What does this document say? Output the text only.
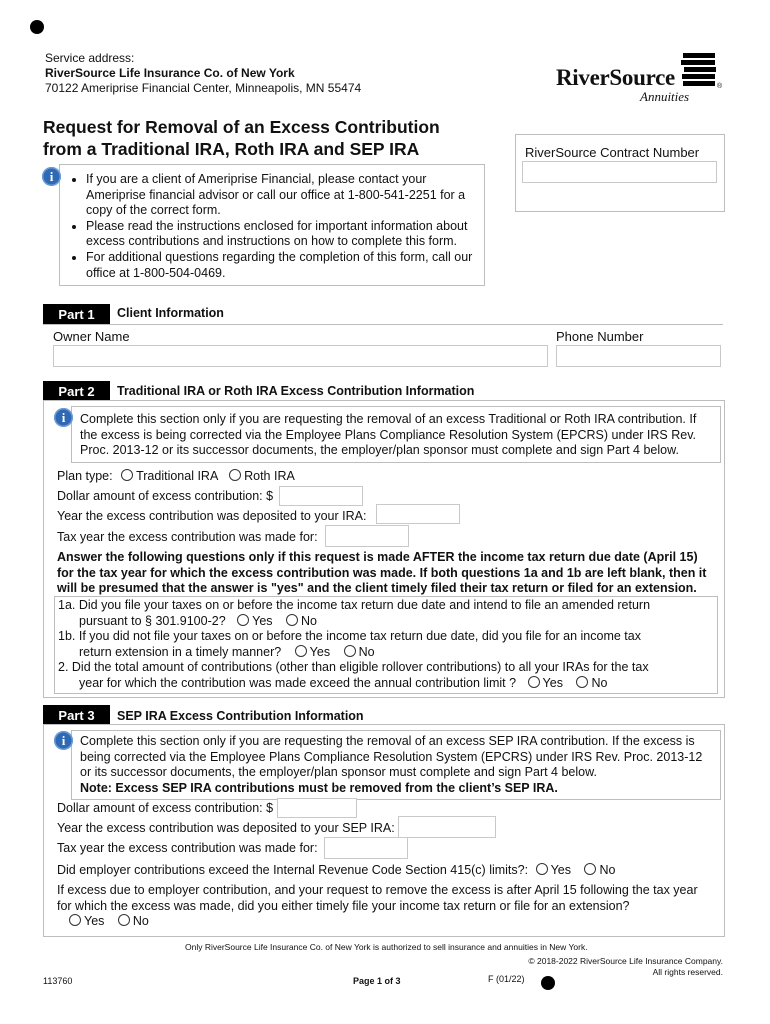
Service address:
RiverSource Life Insurance Co. of New York
70122 Ameriprise Financial Center, Minneapolis, MN 55474	RiverSource
Annuities
®
Request for Removal of an Excess Contribution
from a Traditional IRA, Roth IRA and SEP IRA	RiverSource Contract Number
• If you are a client of Ameriprise Financial, please contact your Ameriprise financial advisor or call our office at 1-800-541-2251 for a copy of the correct form.
• Please read the instructions enclosed for important information about excess contributions and instructions on how to complete this form.
• For additional questions regarding the completion of this form, call our office at 1-800-504-0469.
i
Part 1	Client Information
Owner Name	Phone Number
Part 2	Traditional IRA or Roth IRA Excess Contribution Information
i	Complete this section only if you are requesting the removal of an excess Traditional or Roth IRA contribution. If
the excess is being corrected via the Employee Plans Compliance Resolution System (EPCRS) under IRS Rev.
Proc. 2013-12 or its successor documents, the employer/plan sponsor must complete and sign Part 4 below.
Plan type: Traditional IRA Roth IRA
Dollar amount of excess contribution: $
Year the excess contribution was deposited to your IRA:
Tax year the excess contribution was made for:
Answer the following questions only if this request is made AFTER the income tax return due date (April 15)
for the tax year for which the excess contribution was made. If both questions 1a and 1b are left blank, then it
will be presumed that the answer is "yes" and the client timely filed their tax return or filed for an extension.
1a. Did you file your taxes on or before the income tax return due date and intend to file an amended return
pursuant to § 301.9100-2? Yes No
1b. If you did not file your taxes on or before the income tax return due date, did you file for an income tax
return extension in a timely manner? Yes No
2. Did the total amount of contributions (other than eligible rollover contributions) to all your IRAs for the tax
year for which the contribution was made exceed the annual contribution limit ? Yes No
Part 3	SEP IRA Excess Contribution Information
i	Complete this section only if you are requesting the removal of an excess SEP IRA contribution. If the excess is
being corrected via the Employee Plans Compliance Resolution System (EPCRS) under IRS Rev. Proc. 2013-12
or its successor documents, the employer/plan sponsor must complete and sign Part 4 below.
Note: Excess SEP IRA contributions must be removed from the client’s SEP IRA.
Dollar amount of excess contribution: $
Year the excess contribution was deposited to your SEP IRA:
Tax year the excess contribution was made for:
Did employer contributions exceed the Internal Revenue Code Section 415(c) limits?: Yes No
If excess due to employer contribution, and your request to remove the excess is after April 15 following the tax year
for which the excess was made, did you either timely file your income tax return or file for an extension?
Yes No
Only RiverSource Life Insurance Co. of New York is authorized to sell insurance and annuities in New York.
© 2018-2022 RiverSource Life Insurance Company.
All rights reserved.
113760	Page 1 of 3	F (01/22)
